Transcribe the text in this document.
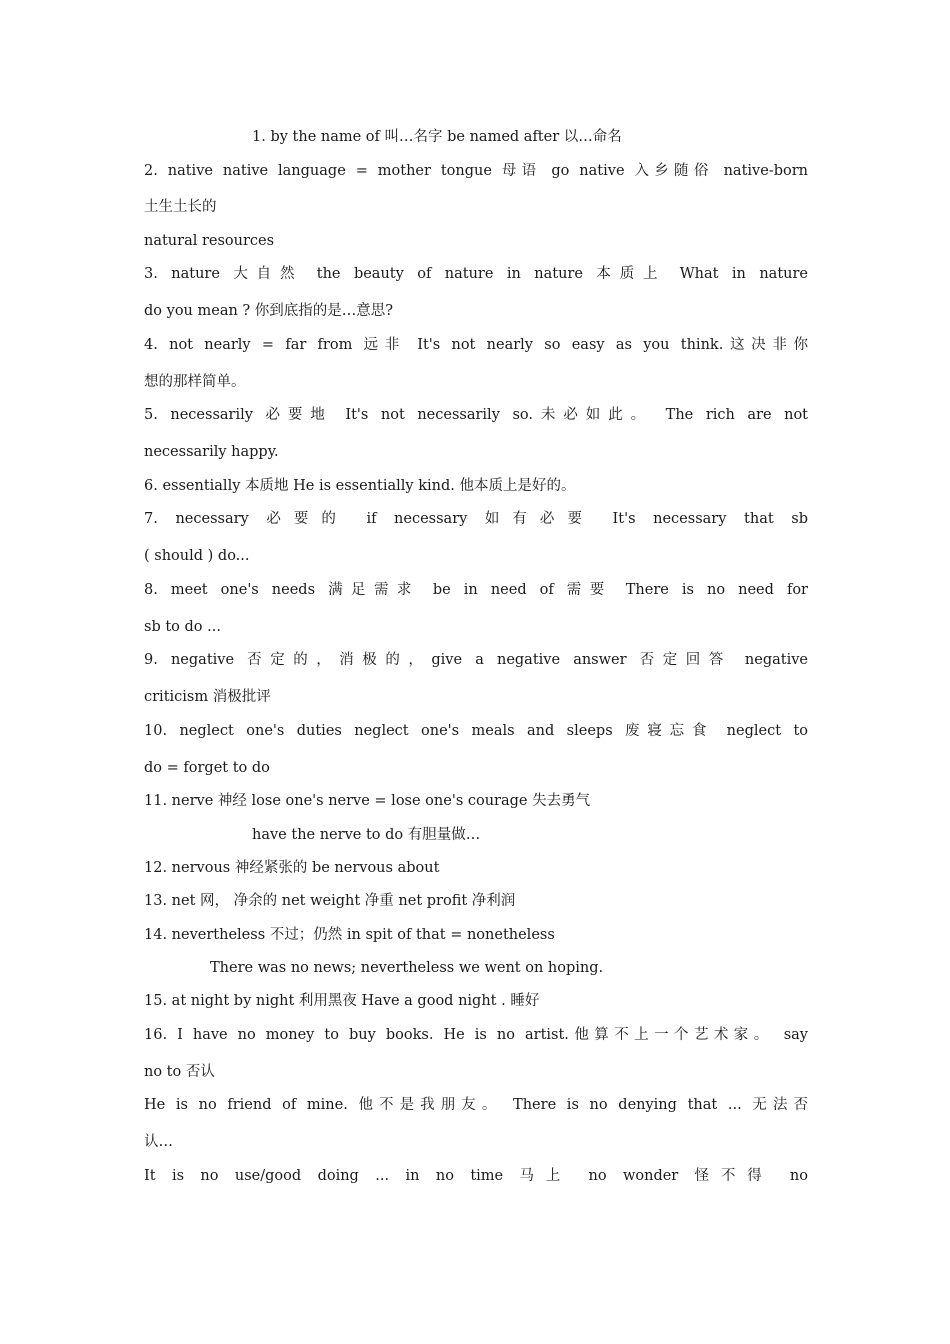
1. by the name of 叫…名字 be named after 以…命名
2. native native language = mother tongue 母语 go native 入乡随俗 native-born
土生土长的
natural resources
3. nature 大自然 the beauty of nature in nature 本质上 What in nature
do you mean ? 你到底指的是…意思?
4. not nearly = far from 远非 It's not nearly so easy as you think.这决非你
想的那样简单。
5. necessarily 必要地 It's not necessarily so.未必如此。 The rich are not
necessarily happy.
6. essentially 本质地 He is essentially kind. 他本质上是好的。
7. necessary 必要的 if necessary 如有必要 It's necessary that sb
( should ) do...
8. meet one's needs 满足需求 be in need of 需要 There is no need for
sb to do ...
9. negative 否定的，消极的，give a negative answer 否定回答 negative
criticism 消极批评
10. neglect one's duties neglect one's meals and sleeps 废寝忘食 neglect to
do = forget to do
11. nerve 神经 lose one's nerve = lose one's courage 失去勇气
have the nerve to do 有胆量做…
12. nervous 神经紧张的 be nervous about
13. net 网， 净余的 net weight 净重 net profit 净利润
14. nevertheless 不过；仍然 in spit of that = nonetheless
There was no news; nevertheless we went on hoping.
15. at night by night 利用黑夜 Have a good night . 睡好
16. I have no money to buy books. He is no artist.他算不上一个艺术家。 say
no to 否认
He is no friend of mine. 他不是我朋友。 There is no denying that ... 无法否
认…
It is no use/good doing ... in no time 马上 no wonder 怪不得 no
